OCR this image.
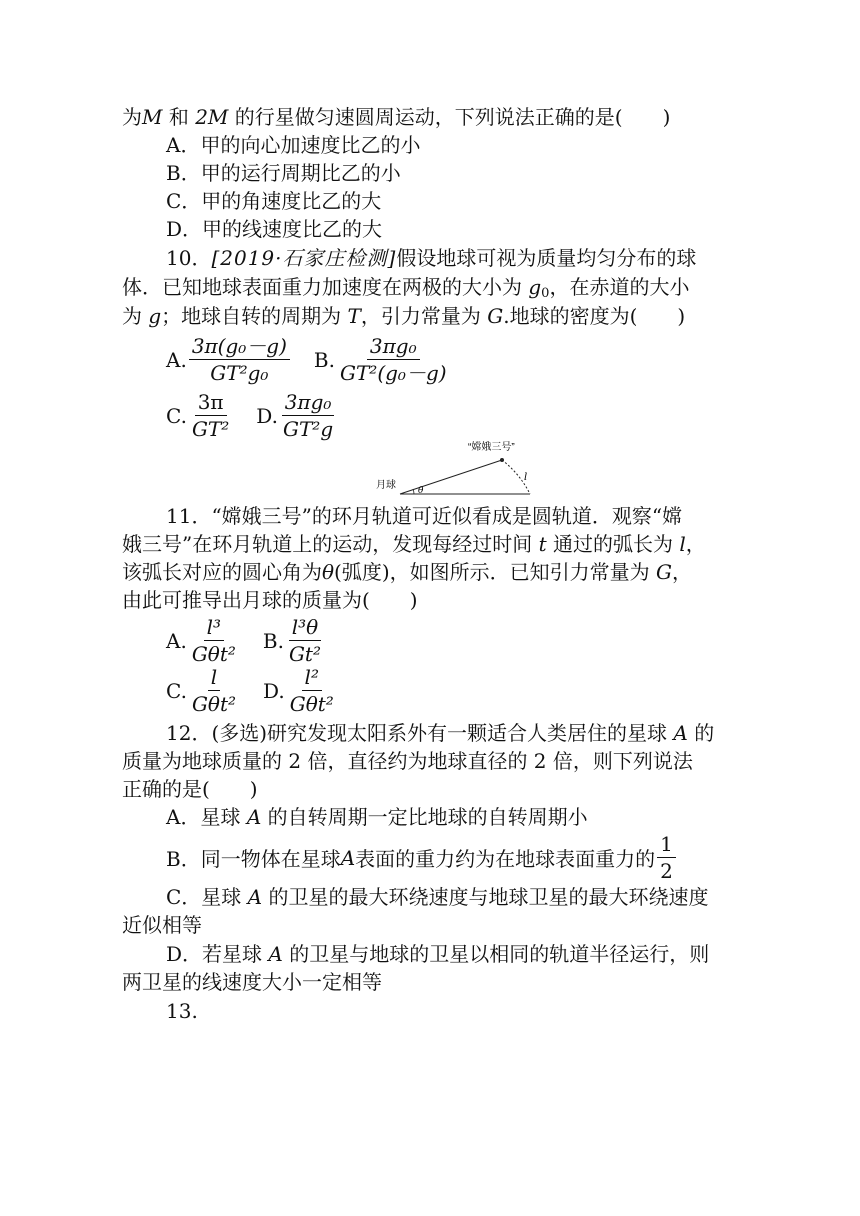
为M 和 2M 的行星做匀速圆周运动，下列说法正确的是(　　)
A．甲的向心加速度比乙的小
B．甲的运行周期比乙的小
C．甲的角速度比乙的大
D．甲的线速度比乙的大
10．[2019·石家庄检测]假设地球可视为质量均匀分布的球
体．已知地球表面重力加速度在两极的大小为 $g_0$，在赤道的大小
为 g；地球自转的周期为 T，引力常量为 G.地球的密度为(　　)
A. $\frac{\text{3π(g₀－g)}}{\text{GT²g₀}} B$. $\frac{\text{3πg₀}}{\text{GT²(g₀－g)}}$
C. $\frac{3\pi}{\text{GT²}} D$. $\frac{\text{3πg₀}}{\text{GT²g}}$
“嫦娥三号”
月球 θ
l
11．“嫦娥三号”的环月轨道可近似看成是圆轨道．观察“嫦
娥三号”在环月轨道上的运动，发现每经过时间 t 通过的弧长为 l，
该弧长对应的圆心角为θ(弧度)，如图所示．已知引力常量为 G，
由此可推导出月球的质量为(　　)
A. $\frac{\text{l³}}{\text{Gθt²}} B$. $\frac{\text{l³θ}}{\text{Gt²}}$
C. $\frac{l}{\text{Gθt²}} D$. $\frac{\text{l²}}{\text{Gθt²}}$
12．(多选)研究发现太阳系外有一颗适合人类居住的星球 A 的
质量为地球质量的 2 倍，直径约为地球直径的 2 倍，则下列说法
正确的是(　　)
A．星球 A 的自转周期一定比地球的自转周期小
B．同一物体在星球 A 表面的重力约为在地球表面重力的 $\frac{1}{2}$
C．星球 A 的卫星的最大环绕速度与地球卫星的最大环绕速度
近似相等
D．若星球 A 的卫星与地球的卫星以相同的轨道半径运行，则
两卫星的线速度大小一定相等
13.
